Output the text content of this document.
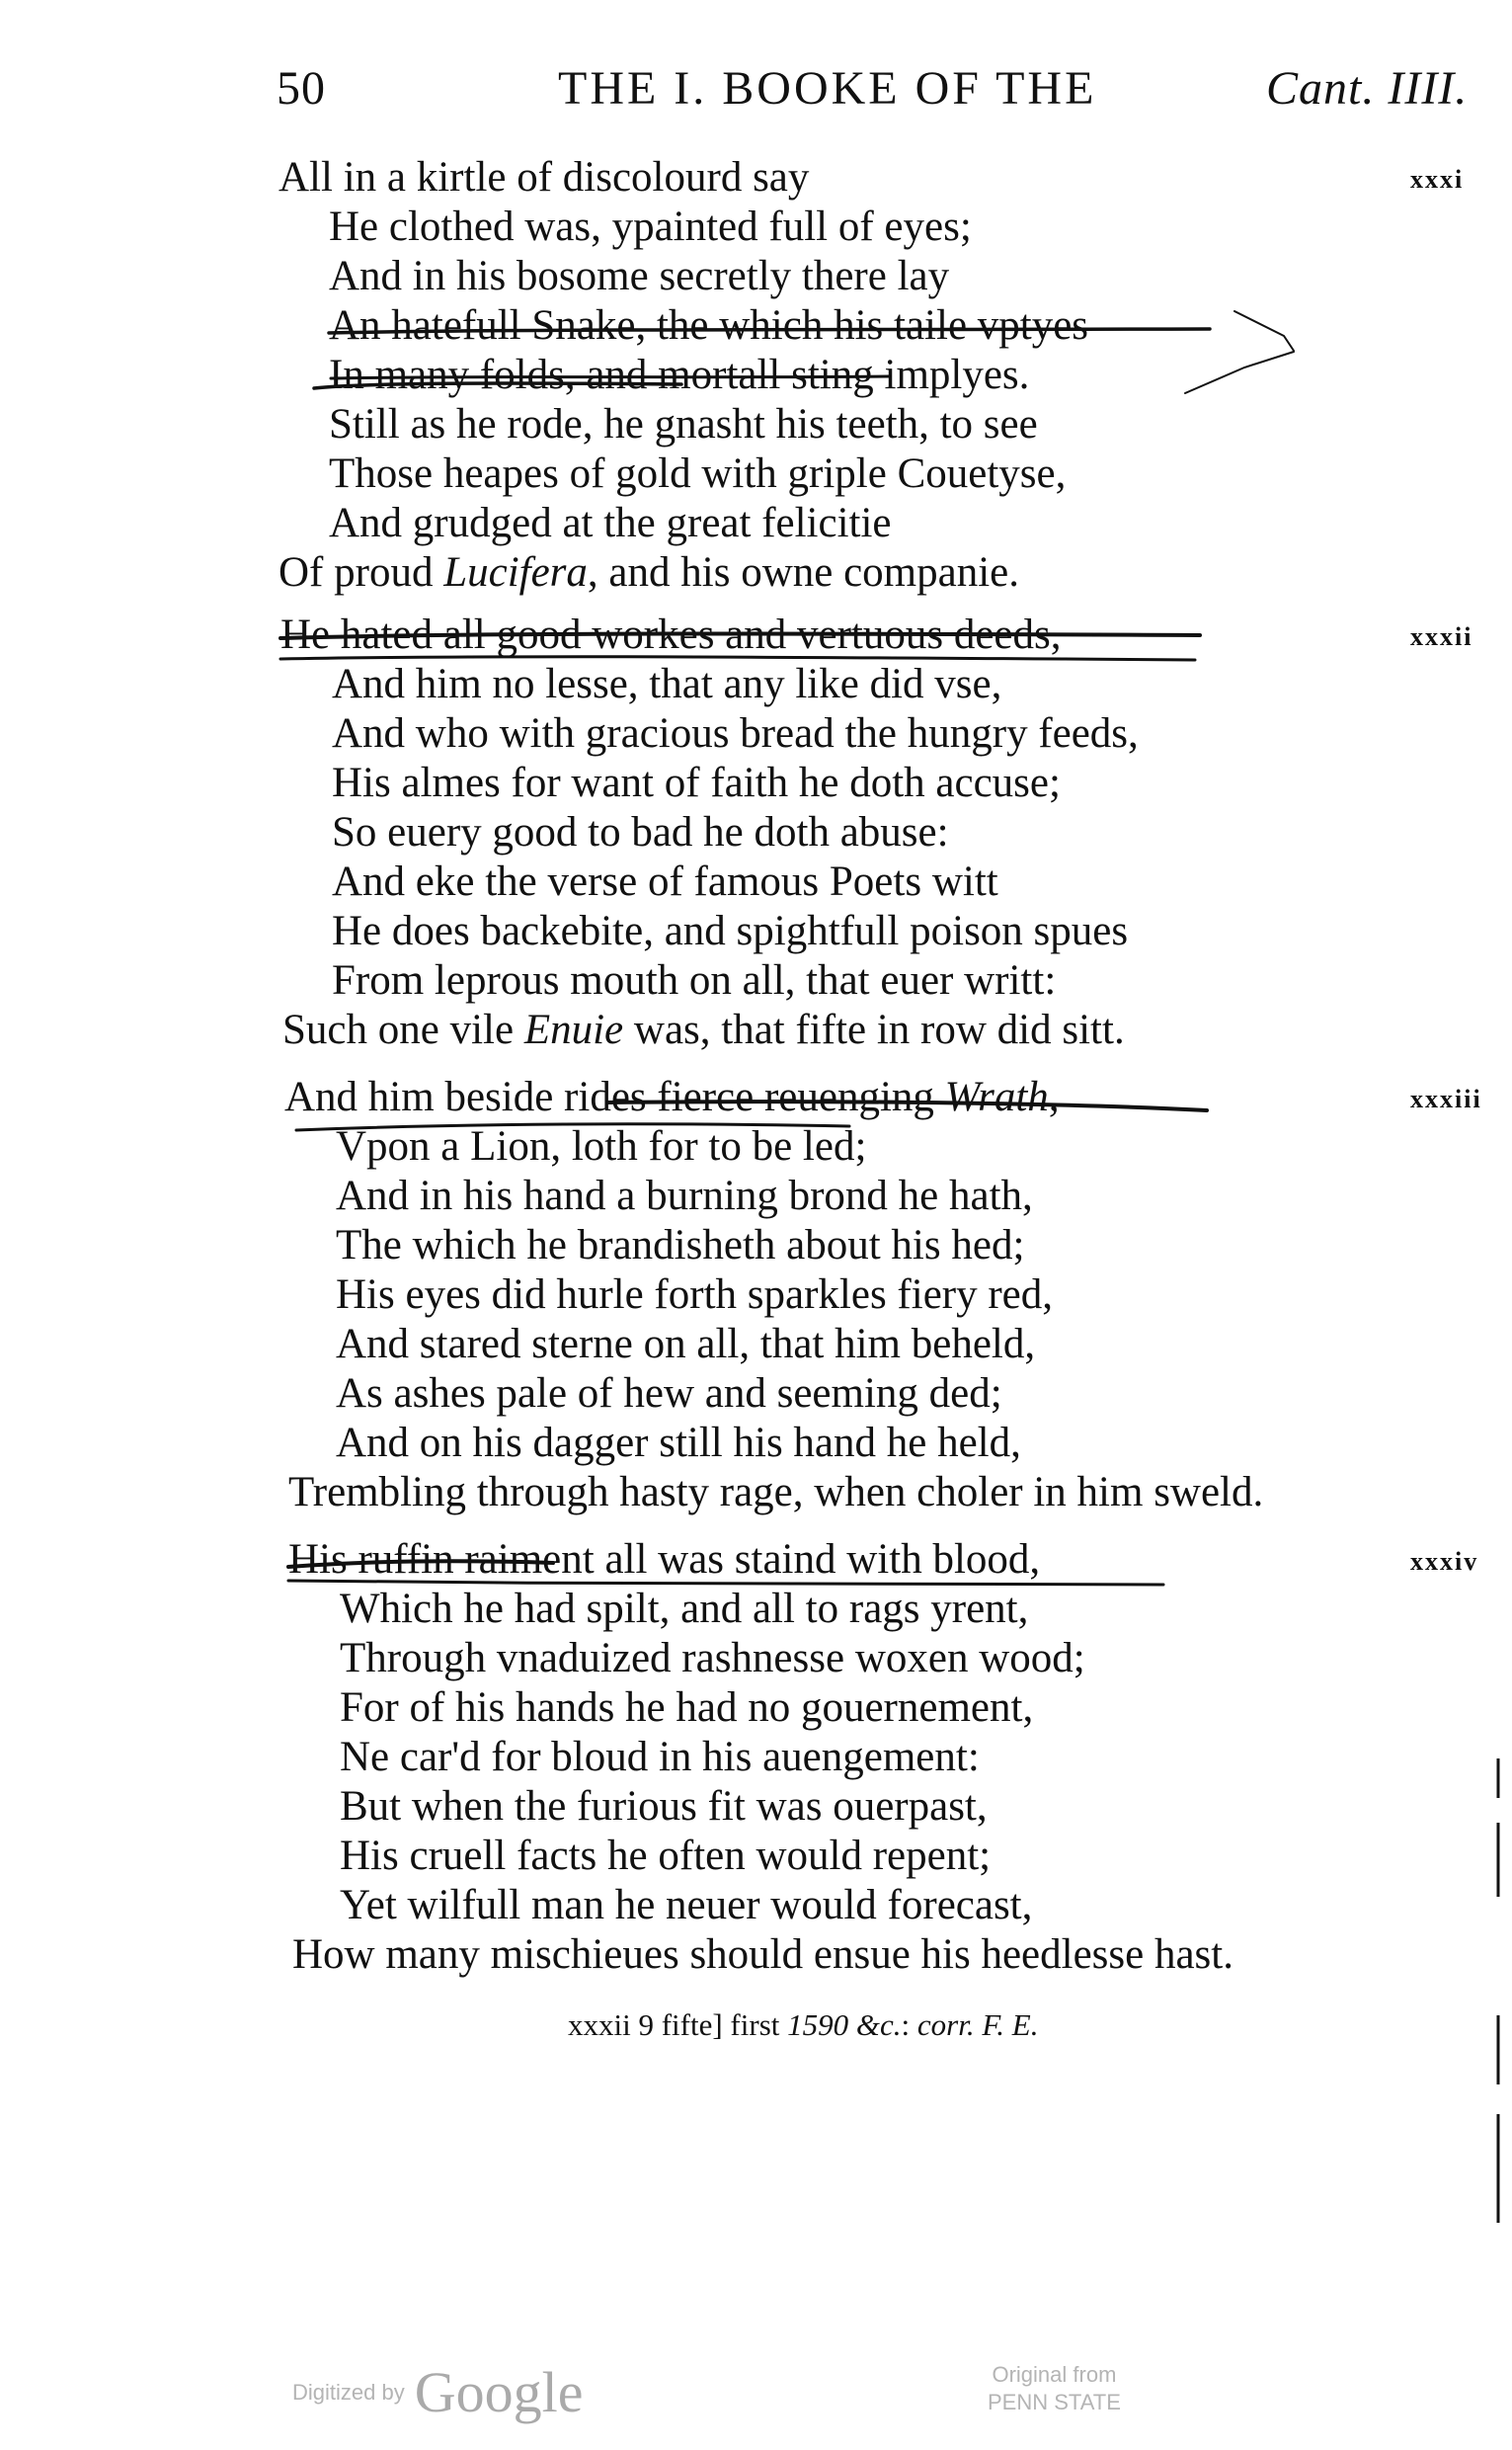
50	THE I. BOOKE OF THE	Cant. IIII.
xxxi
All in a kirtle of discolourd say
He clothed was, ypainted full of eyes;
And in his bosome secretly there lay
An hatefull Snake, the which his taile vptyes
In many folds, and mortall sting implyes.
Still as he rode, he gnasht his teeth, to see
Those heapes of gold with griple Couetyse,
And grudged at the great felicitie
Of proud Lucifera, and his owne companie.
xxxii
He hated all good workes and vertuous deeds,
And him no lesse, that any like did vse,
And who with gracious bread the hungry feeds,
His almes for want of faith he doth accuse;
So euery good to bad he doth abuse:
And eke the verse of famous Poets witt
He does backebite, and spightfull poison spues
From leprous mouth on all, that euer writt:
Such one vile Enuie was, that fifte in row did sitt.
xxxiii
And him beside rides fierce reuenging Wrath,
Vpon a Lion, loth for to be led;
And in his hand a burning brond he hath,
The which he brandisheth about his hed;
His eyes did hurle forth sparkles fiery red,
And stared sterne on all, that him beheld,
As ashes pale of hew and seeming ded;
And on his dagger still his hand he held,
Trembling through hasty rage, when choler in him sweld.
xxxiv
His ruffin raiment all was staind with blood,
Which he had spilt, and all to rags yrent,
Through vnaduized rashnesse woxen wood;
For of his hands he had no gouernement,
Ne car'd for bloud in his auengement:
But when the furious fit was ouerpast,
His cruell facts he often would repent;
Yet wilfull man he neuer would forecast,
How many mischieues should ensue his heedlesse hast.
xxxii 9 fifte] first 1590 &c.: corr. F. E.
Digitized by Google	Original from
PENN STATE
